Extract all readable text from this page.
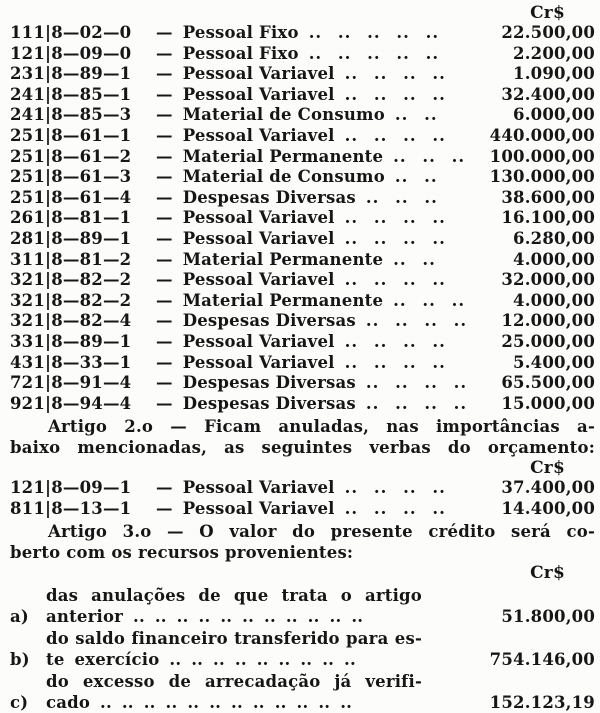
Cr$
111|8—02—0	— Pessoal Fixo .. .. .. .. ..	22.500,00
121|8—09—0	— Pessoal Fixo .. .. .. .. ..	2.200,00
231|8—89—1	— Pessoal Variavel .. .. .. ..	1.090,00
241|8—85—1	— Pessoal Variavel .. .. .. ..	32.400,00
241|8—85—3	— Material de Consumo .. ..	6.000,00
251|8—61—1	— Pessoal Variavel .. .. .. ..	440.000,00
251|8—61—2	— Material Permanente .. .. ..	100.000,00
251|8—61—3	— Material de Consumo .. ..	130.000,00
251|8—61—4	— Despesas Diversas .. .. ..	38.600,00
261|8—81—1	— Pessoal Variavel .. .. .. ..	16.100,00
281|8—89—1	— Pessoal Variavel .. .. .. ..	6.280,00
311|8—81—2	— Material Permanente .. ..	4.000,00
321|8—82—2	— Pessoal Variavel .. .. .. ..	32.000,00
321|8—82—2	— Material Permanente .. .. ..	4.000,00
321|8—82—4	— Despesas Diversas .. .. .. ..	12.000,00
331|8—89—1	— Pessoal Variavel .. .. .. ..	25.000,00
431|8—33—1	— Pessoal Variavel .. .. .. ..	5.400,00
721|8—91—4	— Despesas Diversas .. .. .. ..	65.500,00
921|8—94—4	— Despesas Diversas .. .. .. ..	15.000,00
Artigo 2.o — Ficam anuladas, nas importâncias a-
baixo mencionadas, as seguintes verbas do orçamento:
Cr$
121|8—09—1	— Pessoal Variavel .. .. .. ..	37.400,00
811|8—13—1	— Pessoal Variavel .. .. .. ..	14.400,00
Artigo 3.o — O valor do presente crédito será co-
berto com os recursos provenientes:
Cr$
a)
das anulações de que trata o artigo
anterior .. .. .. .. .. .. .. .. .. .. ..	51.800,00
b)
do saldo financeiro transferido para es-
te exercício .. .. .. .. .. .. .. .. ..	754.146,00
c)
do excesso de arrecadação já verifi-
cado .. .. .. .. .. .. .. .. .. .. .. ..	152.123,19
